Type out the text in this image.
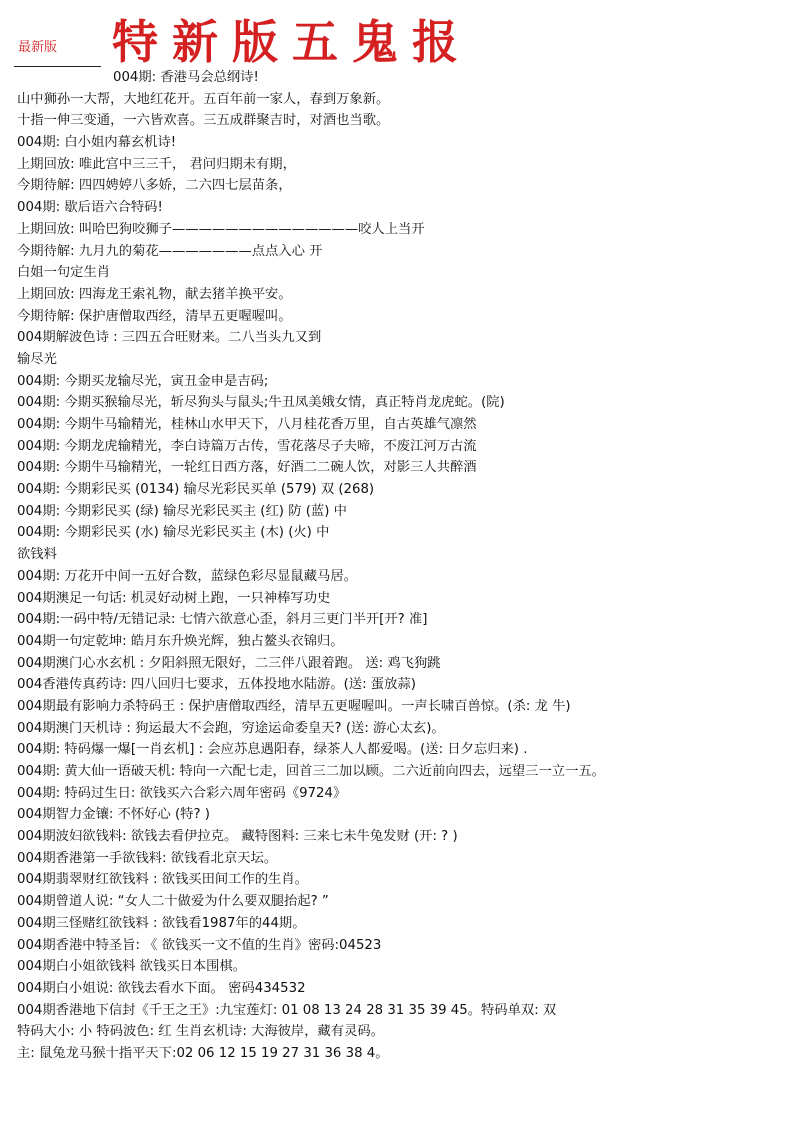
最新版 特新版五鬼报
004期: 香港马会总纲诗!
山中狮孙一大帮，大地红花开。五百年前一家人，春到万象新。
十指一伸三变通，一六皆欢喜。三五成群聚吉时，对酒也当歌。
004期: 白小姐内幕玄机诗!
上期回放: 唯此宫中三三千， 君问归期未有期，
今期待解: 四四娉婷八多娇，二六四七层苗条，
004期: 歇后语六合特码!
上期回放: 叫哈巴狗咬狮子——————————————咬人上当开
今期待解: 九月九的菊花———————点点入心 开
白姐一句定生肖
上期回放: 四海龙王索礼物，献去猪羊换平安。
今期待解: 保护唐僧取西经，清早五更喔喔叫。
004期解波色诗 : 三四五合旺财来。二八当头九又到
输尽光
004期: 今期买龙输尽光，寅丑金申是吉码;
004期: 今期买猴输尽光，斩尽狗头与鼠头;牛丑凤美娥女情，真正特肖龙虎蛇。(院)
004期: 今期牛马输精光，桂林山水甲天下，八月桂花香万里，自古英雄气凛然
004期: 今期龙虎输精光，李白诗篇万古传，雪花落尽子夫啼，不废江河万古流
004期: 今期牛马输精光，一轮红日西方落，好酒二二碗人饮，对影三人共醉酒
004期: 今期彩民买 (0134) 输尽光彩民买单 (579) 双 (268)
004期: 今期彩民买 (绿) 输尽光彩民买主 (红) 防 (蓝) 中
004期: 今期彩民买 (水) 输尽光彩民买主 (木) (火) 中
欲钱料
004期: 万花开中间一五好合数，蓝绿色彩尽显鼠藏马居。
004期澳足一句话: 机灵好动树上跑，一只神棒写功史
004期:一码中特/无错记录: 七情六欲意心歪，斜月三更门半开[开? 准]
004期一句定乾坤: 皓月东升焕光辉，独占鳌头衣锦归。
004期澳门心水玄机 : 夕阳斜照无限好，二三伴八跟着跑。 送: 鸡飞狗跳
004香港传真药诗: 四八回归七要求，五体投地水陆游。(送: 蛋放蒜)
004期最有影响力杀特码王 : 保护唐僧取西经，清早五更喔喔叫。一声长啸百兽惊。(杀: 龙 牛)
004期澳门天机诗 : 狗运最大不会跑，穷途运命委皇天? (送: 游心太玄)。
004期: 特码爆一爆[一肖玄机] : 会应苏息遇阳春，绿茶人人都爱喝。(送: 日夕忘归来) .
004期: 黄大仙一语破天机: 特向一六配七走，回首三二加以顾。二六近前向四去，远望三一立一五。
004期: 特码过生日: 欲钱买六合彩六周年密码《9724》
004期智力金镶: 不怀好心 (特? )
004期波妇欲钱料: 欲钱去看伊拉克。 藏特图料: 三来七未牛兔发财 (开: ? )
004期香港第一手欲钱料: 欲钱看北京天坛。
004期翡翠财红欲钱料 : 欲钱买田间工作的生肖。
004期曾道人说: “女人二十做爱为什么要双腿抬起? ”
004期三怪赌红欲钱料 : 欲钱看1987年的44期。
004期香港中特圣旨: 《 欲钱买一文不值的生肖》密码:04523
004期白小姐欲钱料 欲钱买日本围棋。
004期白小姐说: 欲钱去看水下面。 密码434532
004期香港地下信封《千王之王》:九宝莲灯: 01 08 13 24 28 31 35 39 45。特码单双: 双
特码大小: 小 特码波色: 红 生肖玄机诗: 大海彼岸，藏有灵码。
主: 鼠兔龙马猴十指平天下:02 06 12 15 19 27 31 36 38 4。
